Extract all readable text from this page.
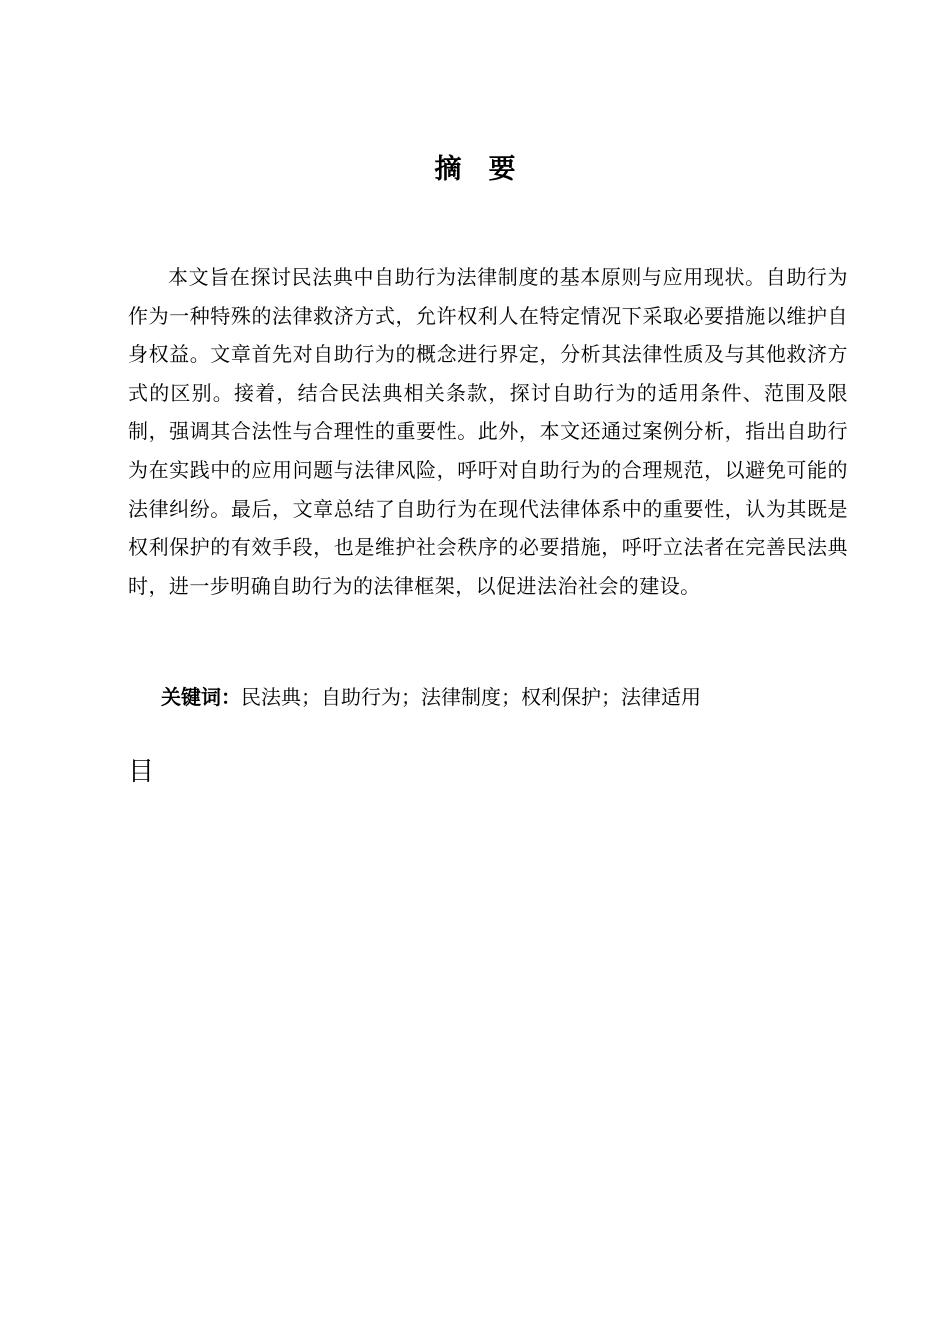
摘　要

本文旨在探讨民法典中自助行为法律制度的基本原则与应用现状。自助行为作为一种特殊的法律救济方式，允许权利人在特定情况下采取必要措施以维护自身权益。文章首先对自助行为的概念进行界定，分析其法律性质及与其他救济方式的区别。接着，结合民法典相关条款，探讨自助行为的适用条件、范围及限制，强调其合法性与合理性的重要性。此外，本文还通过案例分析，指出自助行为在实践中的应用问题与法律风险，呼吁对自助行为的合理规范，以避免可能的法律纠纷。最后，文章总结了自助行为在现代法律体系中的重要性，认为其既是权利保护的有效手段，也是维护社会秩序的必要措施，呼吁立法者在完善民法典时，进一步明确自助行为的法律框架，以促进法治社会的建设。

关键词：民法典；自助行为；法律制度；权利保护；法律适用
目
